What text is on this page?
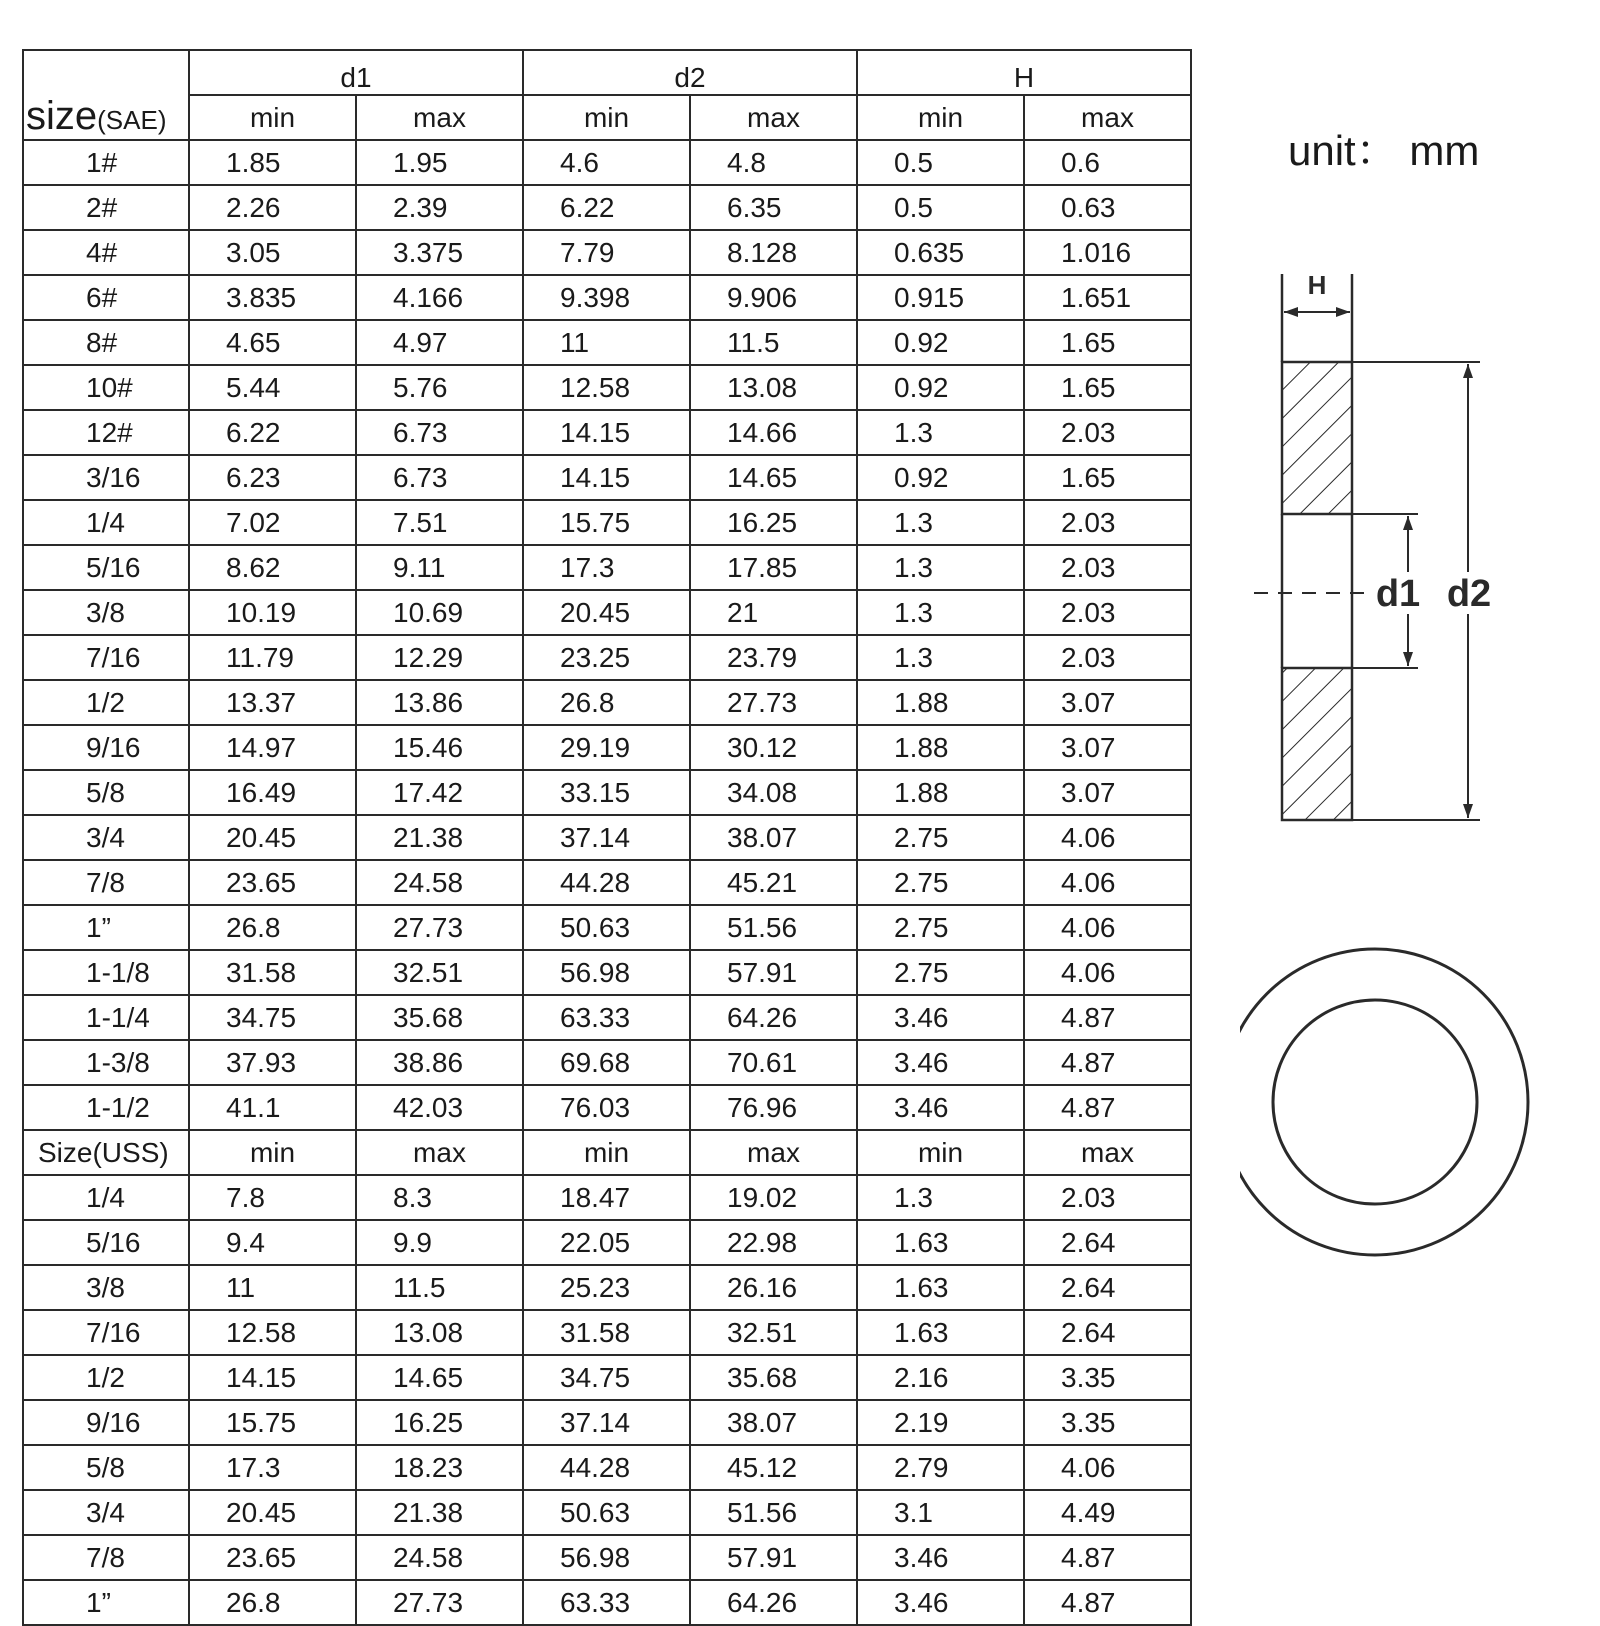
size(SAE)	d1		d2		H	
	min	max	min	max	min	max
1#	1.85	1.95	4.6	4.8	0.5	0.6
2#	2.26	2.39	6.22	6.35	0.5	0.63
4#	3.05	3.375	7.79	8.128	0.635	1.016
6#	3.835	4.166	9.398	9.906	0.915	1.651
8#	4.65	4.97	11	11.5	0.92	1.65
10#	5.44	5.76	12.58	13.08	0.92	1.65
12#	6.22	6.73	14.15	14.66	1.3	2.03
3/16	6.23	6.73	14.15	14.65	0.92	1.65
1/4	7.02	7.51	15.75	16.25	1.3	2.03
5/16	8.62	9.11	17.3	17.85	1.3	2.03
3/8	10.19	10.69	20.45	21	1.3	2.03
7/16	11.79	12.29	23.25	23.79	1.3	2.03
1/2	13.37	13.86	26.8	27.73	1.88	3.07
9/16	14.97	15.46	29.19	30.12	1.88	3.07
5/8	16.49	17.42	33.15	34.08	1.88	3.07
3/4	20.45	21.38	37.14	38.07	2.75	4.06
7/8	23.65	24.58	44.28	45.21	2.75	4.06
1”	26.8	27.73	50.63	51.56	2.75	4.06
1-1/8	31.58	32.51	56.98	57.91	2.75	4.06
1-1/4	34.75	35.68	63.33	64.26	3.46	4.87
1-3/8	37.93	38.86	69.68	70.61	3.46	4.87
1-1/2	41.1	42.03	76.03	76.96	3.46	4.87
Size(USS)	min	max	min	max	min	max
1/4	7.8	8.3	18.47	19.02	1.3	2.03
5/16	9.4	9.9	22.05	22.98	1.63	2.64
3/8	11	11.5	25.23	26.16	1.63	2.64
7/16	12.58	13.08	31.58	32.51	1.63	2.64
1/2	14.15	14.65	34.75	35.68	2.16	3.35
9/16	15.75	16.25	37.14	38.07	2.19	3.35
5/8	17.3	18.23	44.28	45.12	2.79	4.06
3/4	20.45	21.38	50.63	51.56	3.1	4.49
7/8	23.65	24.58	56.98	57.91	3.46	4.87
1”	26.8	27.73	63.33	64.26	3.46	4.87
unit： mm
H
d1 d2
